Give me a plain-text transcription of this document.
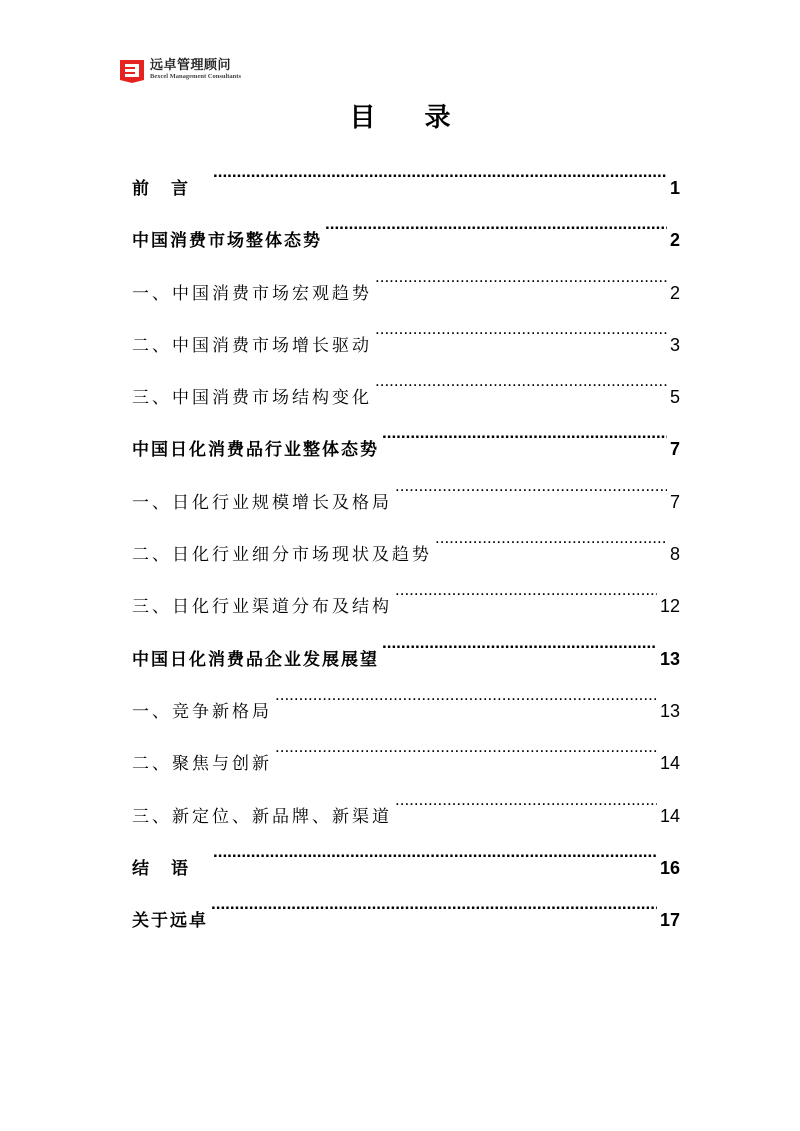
远卓管理顾问
Bexcel Management Consultants
目 录
前言 .....	1
中国消费市场整体态势 .....	2
一、中国消费市场宏观趋势 .....	2
二、中国消费市场增长驱动 .....	3
三、中国消费市场结构变化 .....	5
中国日化消费品行业整体态势 .....	7
一、日化行业规模增长及格局 .....	7
二、日化行业细分市场现状及趋势 .....	8
三、日化行业渠道分布及结构 .....	12
中国日化消费品企业发展展望 .....	13
一、竞争新格局 .....	13
二、聚焦与创新 .....	14
三、新定位、新品牌、新渠道 .....	14
结语 .....	16
关于远卓 .....	17
